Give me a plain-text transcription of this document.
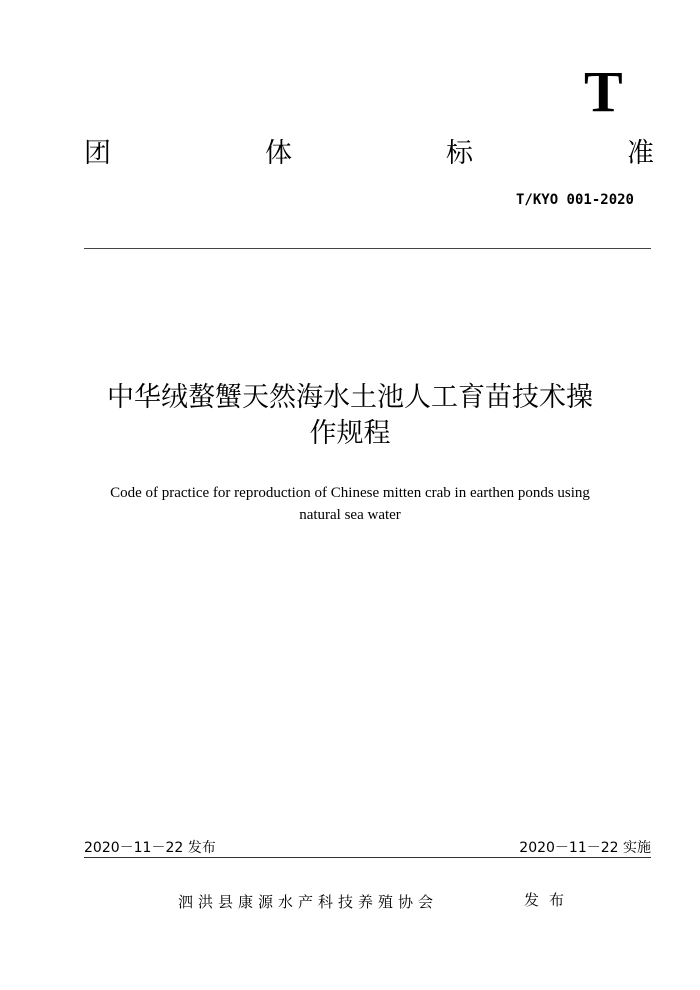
T
团	体	标	准
T/KYO 001-2020
中华绒螯蟹天然海水土池人工育苗技术操
作规程
Code of practice for reproduction of Chinese mitten crab in earthen ponds using
natural sea water
2020－11－22 发布	2020－11－22 实施
泗洪县康源水产科技养殖协会	发布
